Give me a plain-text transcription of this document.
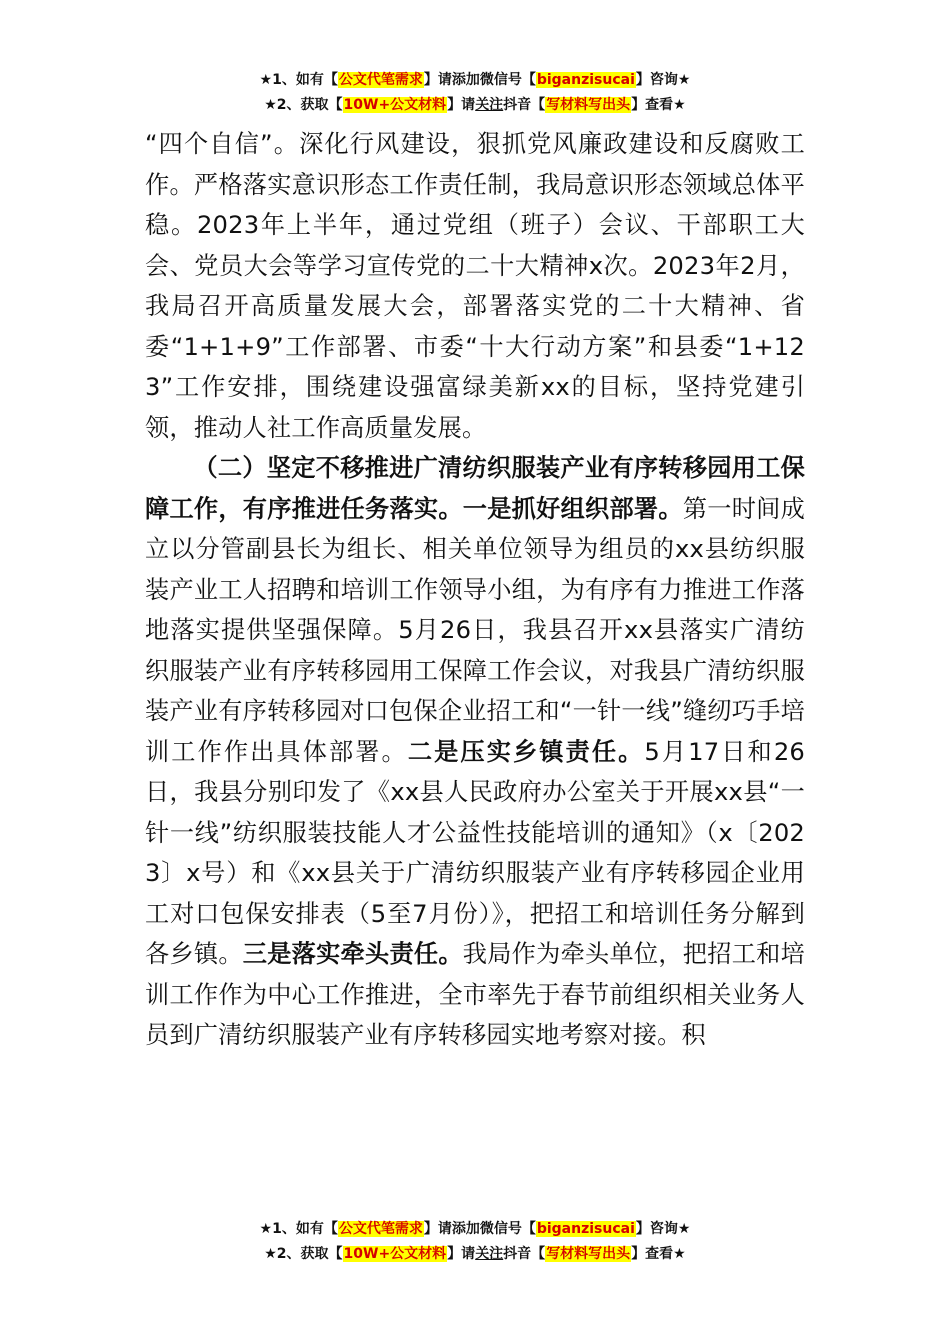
★1、如有【公文代笔需求】请添加微信号【biganzisucai】咨询★
★2、获取【10W+公文材料】请关注抖音【写材料写出头】查看★

“四个自信”。深化行风建设，狠抓党风廉政建设和反腐败工作。严格落实意识形态工作责任制，我局意识形态领域总体平稳。2023年上半年，通过党组（班子）会议、干部职工大会、党员大会等学习宣传党的二十大精神x次。2023年2月，我局召开高质量发展大会，部署落实党的二十大精神、省委“1+1+9”工作部署、市委“十大行动方案”和县委“1+123”工作安排，围绕建设强富绿美新xx的目标，坚持党建引领，推动人社工作高质量发展。

（二）坚定不移推进广清纺织服装产业有序转移园用工保障工作，有序推进任务落实。一是抓好组织部署。第一时间成立以分管副县长为组长、相关单位领导为组员的xx县纺织服装产业工人招聘和培训工作领导小组，为有序有力推进工作落地落实提供坚强保障。5月26日，我县召开xx县落实广清纺织服装产业有序转移园用工保障工作会议，对我县广清纺织服装产业有序转移园对口包保企业招工和“一针一线”缝纫巧手培训工作作出具体部署。二是压实乡镇责任。5月17日和26日，我县分别印发了《xx县人民政府办公室关于开展xx县“一针一线”纺织服装技能人才公益性技能培训的通知》（x〔2023〕x号）和《xx县关于广清纺织服装产业有序转移园企业用工对口包保安排表（5至7月份）》，把招工和培训任务分解到各乡镇。三是落实牵头责任。我局作为牵头单位，把招工和培训工作作为中心工作推进，全市率先于春节前组织相关业务人员到广清纺织服装产业有序转移园实地考察对接。积

★1、如有【公文代笔需求】请添加微信号【biganzisucai】咨询★
★2、获取【10W+公文材料】请关注抖音【写材料写出头】查看★
